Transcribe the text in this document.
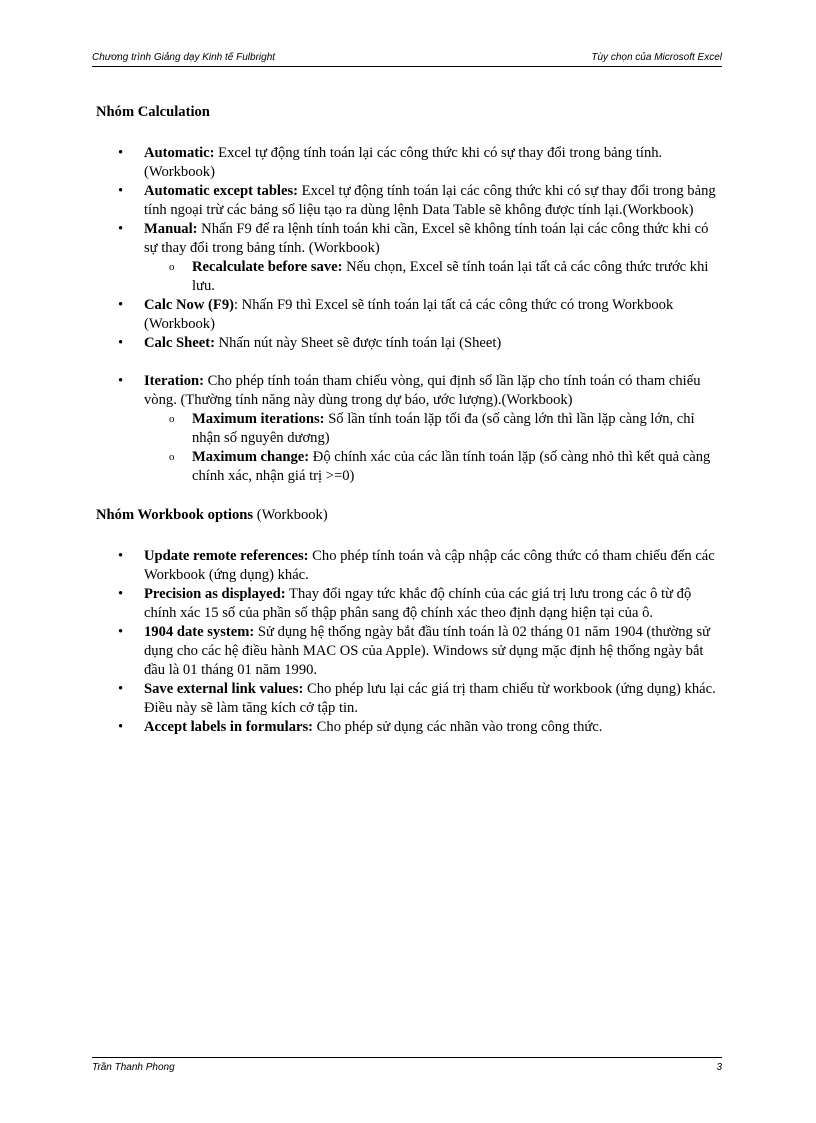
Chương trình Giảng dạy Kinh tế Fulbright	Tùy chọn của Microsoft Excel
Nhóm Calculation
• Automatic: Excel tự động tính toán lại các công thức khi có sự thay đổi trong bảng tính. (Workbook)
• Automatic except tables: Excel tự động tính toán lại các công thức khi có sự thay đổi trong bảng tính ngoại trừ các bảng số liệu tạo ra dùng lệnh Data Table sẽ không được tính lại.(Workbook)
• Manual: Nhấn F9 để ra lệnh tính toán khi cần, Excel sẽ không tính toán lại các công thức khi có sự thay đổi trong bảng tính. (Workbook)
o Recalculate before save: Nếu chọn, Excel sẽ tính toán lại tất cả các công thức trước khi lưu.
• Calc Now (F9): Nhấn F9 thì Excel sẽ tính toán lại tất cả các công thức có trong Workbook (Workbook)
• Calc Sheet: Nhấn nút này Sheet sẽ được tính toán lại (Sheet)
• Iteration: Cho phép tính toán tham chiếu vòng, qui định số lần lặp cho tính toán có tham chiếu vòng. (Thường tính năng này dùng trong dự báo, ước lượng).(Workbook)
o Maximum iterations: Số lần tính toán lặp tối đa (số càng lớn thì lần lặp càng lớn, chỉ nhận số nguyên dương)
o Maximum change: Độ chính xác của các lần tính toán lặp (số càng nhỏ thì kết quả càng chính xác, nhận giá trị >=0)
Nhóm Workbook options (Workbook)
• Update remote references: Cho phép tính toán và cập nhập các công thức có tham chiếu đến các Workbook (ứng dụng) khác.
• Precision as displayed: Thay đổi ngay tức khắc độ chính của các giá trị lưu trong các ô từ độ chính xác 15 số của phần số thập phân sang độ chính xác theo định dạng hiện tại của ô.
• 1904 date system: Sử dụng hệ thống ngày bắt đầu tính toán là 02 tháng 01 năm 1904 (thường sử dụng cho các hệ điều hành MAC OS của Apple). Windows sử dụng mặc định hệ thống ngày bắt đầu là 01 tháng 01 năm 1990.
• Save external link values: Cho phép lưu lại các giá trị tham chiếu từ workbook (ứng dụng) khác. Điều này sẽ làm tăng kích cở tập tin.
• Accept labels in formulars: Cho phép sử dụng các nhãn vào trong công thức.
Trần Thanh Phong	3
